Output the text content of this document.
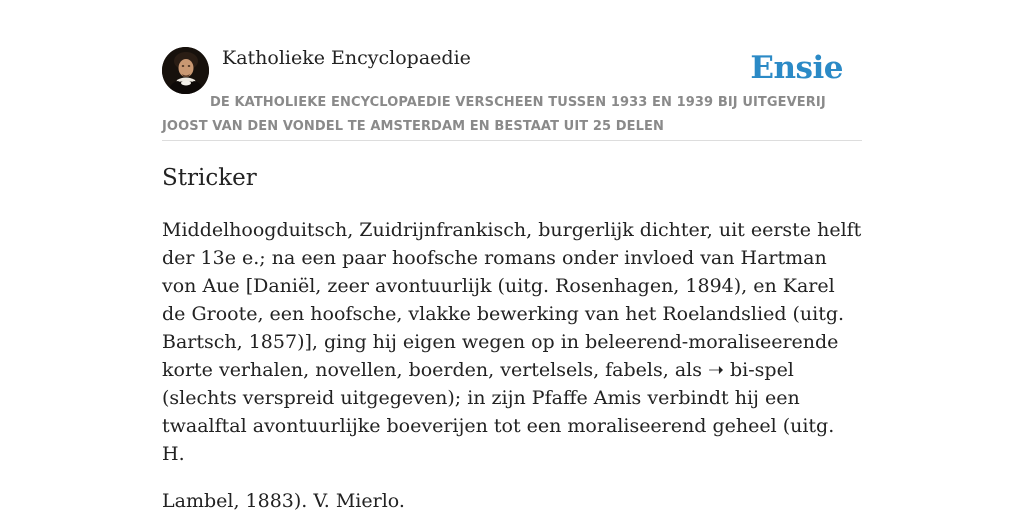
Katholieke Encyclopaedie	Ensie
DE KATHOLIEKE ENCYCLOPAEDIE VERSCHEEN TUSSEN 1933 EN 1939 BIJ UITGEVERIJ JOOST VAN DEN VONDEL TE AMSTERDAM EN BESTAAT UIT 25 DELEN
Stricker

Middelhoogduitsch, Zuidrijnfrankisch, burgerlijk dichter, uit eerste helft der 13e e.; na een paar hoofsche romans onder invloed van Hartman von Aue [Daniël, zeer avontuurlijk (uitg. Rosenhagen, 1894), en Karel de Groote, een hoofsche, vlakke bewerking van het Roelandslied (uitg. Bartsch, 1857)], ging hij eigen wegen op in beleerend-moraliseerende korte verhalen, novellen, boerden, vertelsels, fabels, als ➝ bi-spel (slechts verspreid uitgegeven); in zijn Pfaffe Amis verbindt hij een twaalftal avontuurlijke boeverijen tot een moraliseerend geheel (uitg. H.

Lambel, 1883). V. Mierlo.
